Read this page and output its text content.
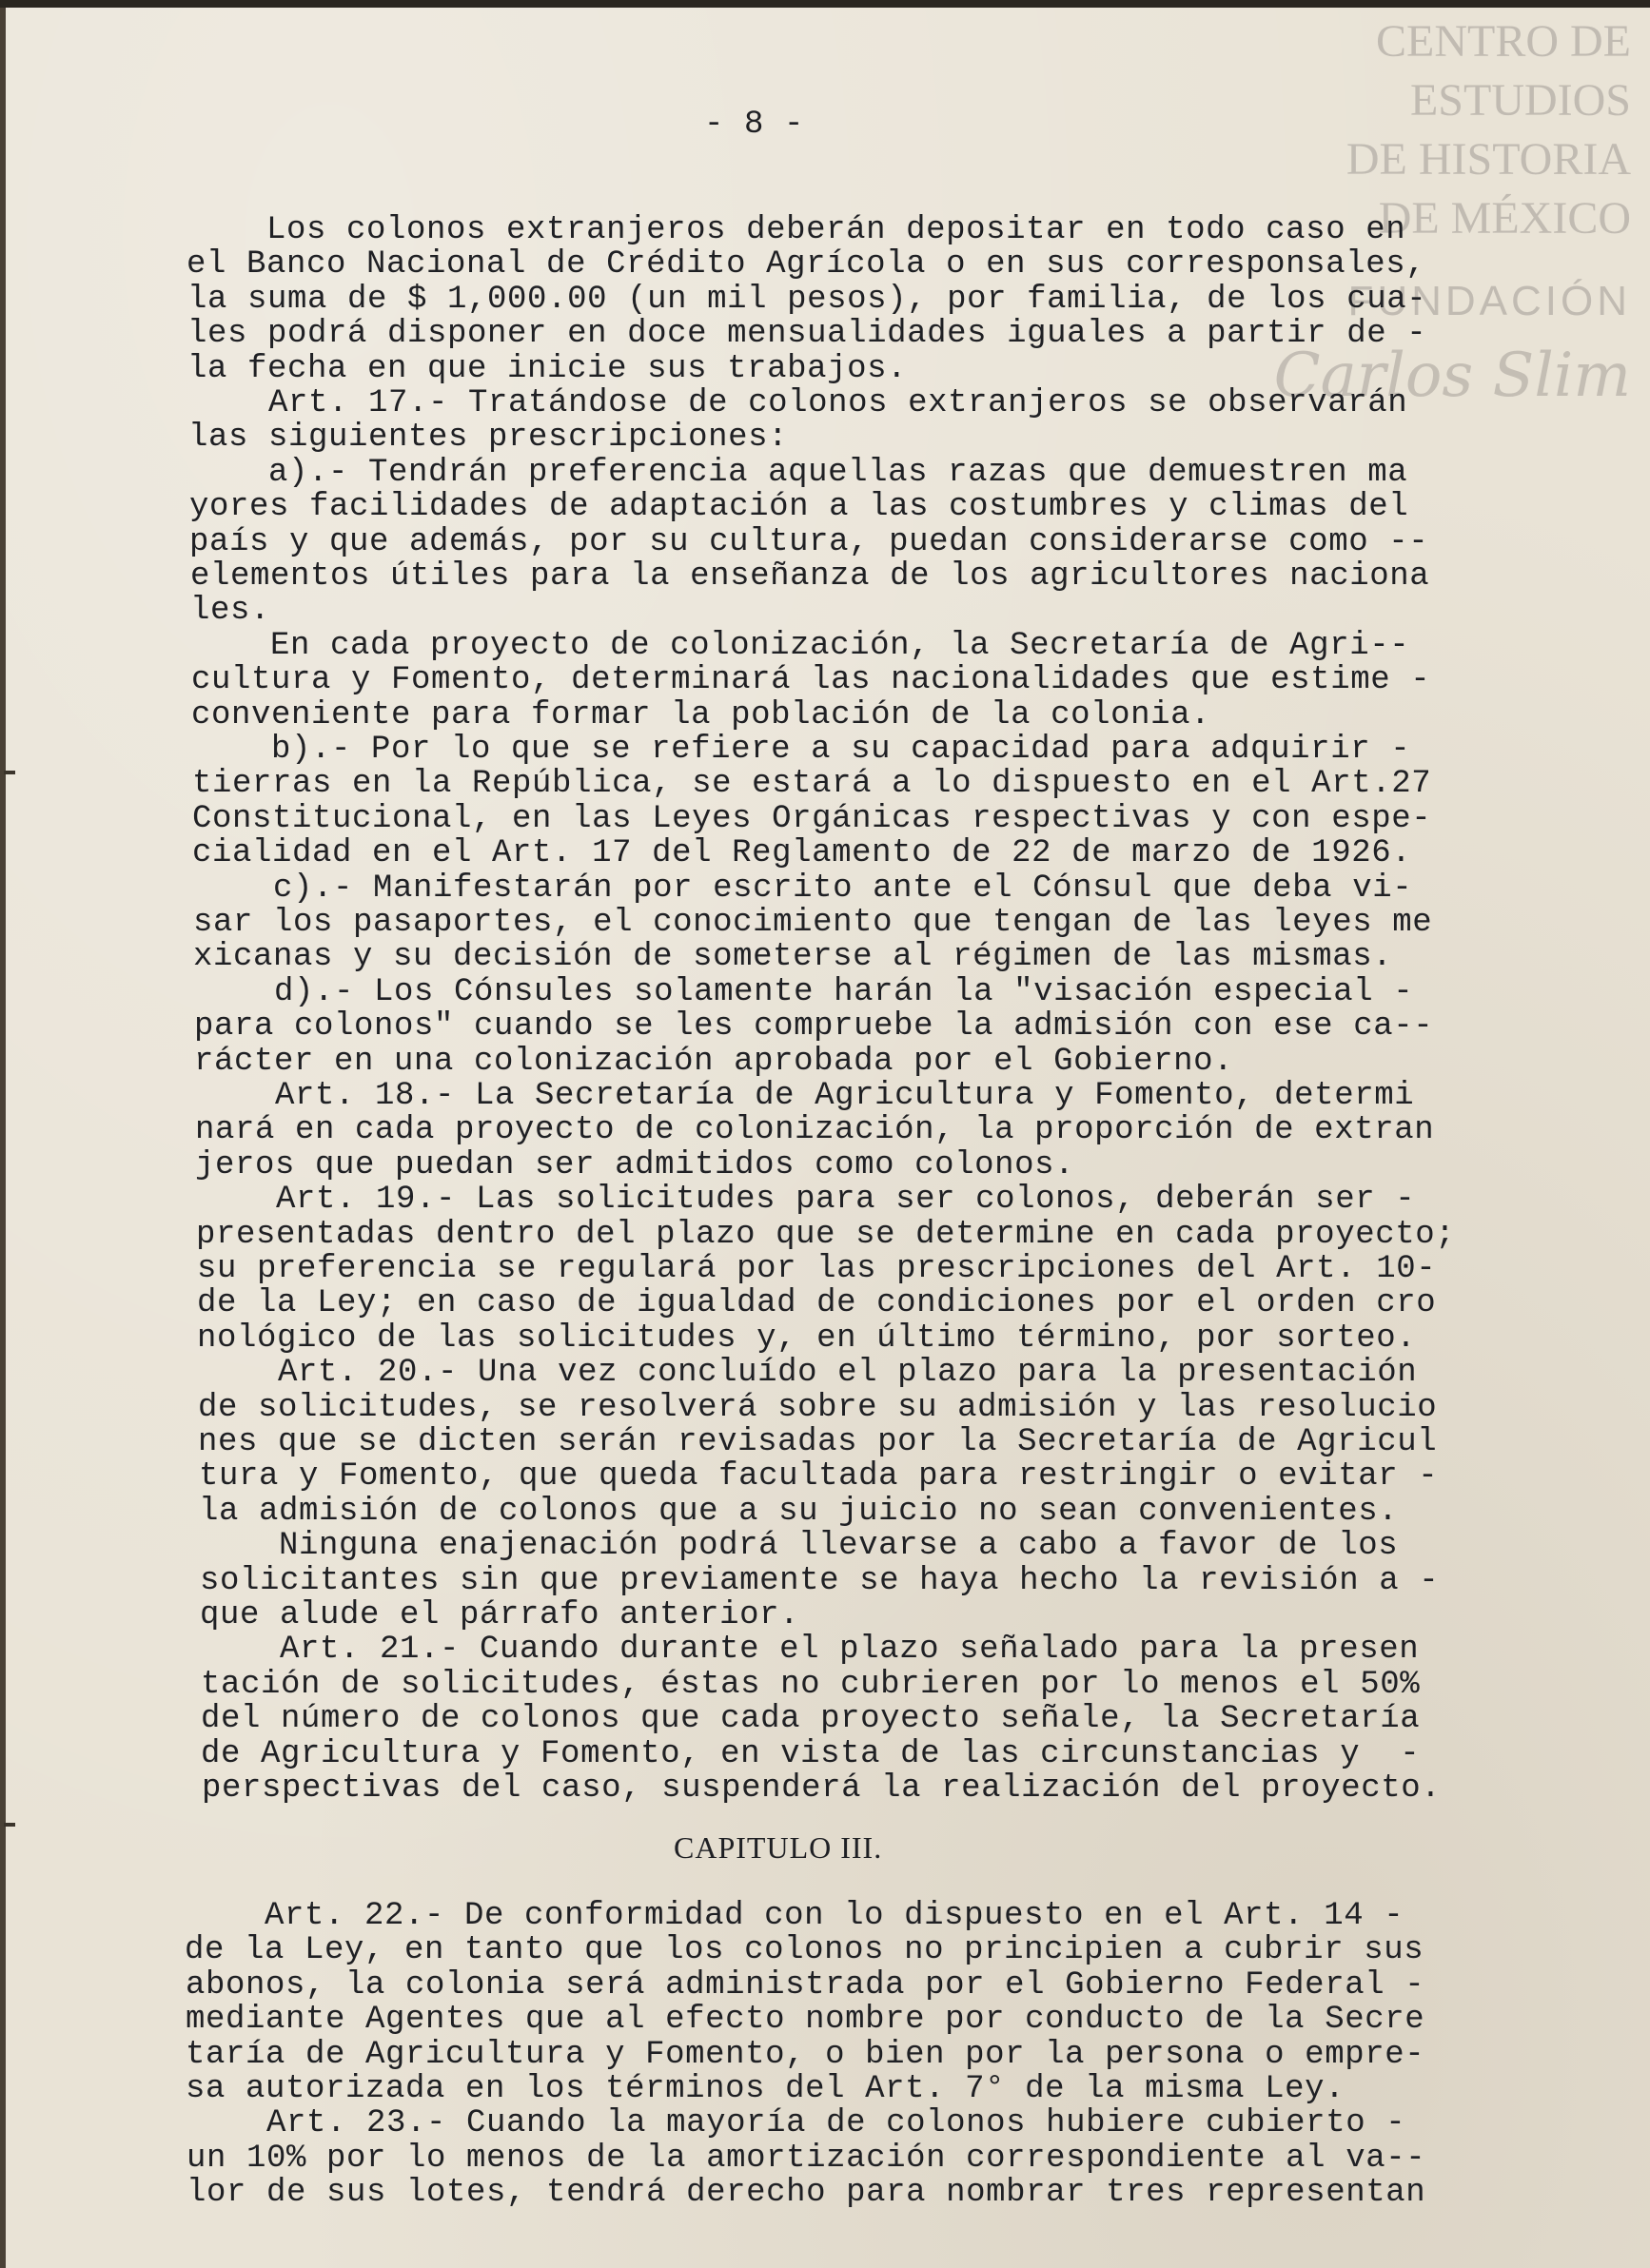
CENTRO DE
ESTUDIOS
DE HISTORIA
DE MÉXICO
FUNDACIÓN
Carlos Slim
- 8 -
Los colonos extranjeros deberán depositar en todo caso en
el Banco Nacional de Crédito Agrícola o en sus corresponsales,
la suma de $ 1,000.00 (un mil pesos), por familia, de los cua-
les podrá disponer en doce mensualidades iguales a partir de -
la fecha en que inicie sus trabajos.
Art. 17.- Tratándose de colonos extranjeros se observarán
las siguientes prescripciones:
a).- Tendrán preferencia aquellas razas que demuestren ma
yores facilidades de adaptación a las costumbres y climas del
país y que además, por su cultura, puedan considerarse como --
elementos útiles para la enseñanza de los agricultores naciona
les.
En cada proyecto de colonización, la Secretaría de Agri--
cultura y Fomento, determinará las nacionalidades que estime -
conveniente para formar la población de la colonia.
b).- Por lo que se refiere a su capacidad para adquirir -
tierras en la República, se estará a lo dispuesto en el Art.27
Constitucional, en las Leyes Orgánicas respectivas y con espe-
cialidad en el Art. 17 del Reglamento de 22 de marzo de 1926.
c).- Manifestarán por escrito ante el Cónsul que deba vi-
sar los pasaportes, el conocimiento que tengan de las leyes me
xicanas y su decisión de someterse al régimen de las mismas.
d).- Los Cónsules solamente harán la "visación especial -
para colonos" cuando se les compruebe la admisión con ese ca--
rácter en una colonización aprobada por el Gobierno.
Art. 18.- La Secretaría de Agricultura y Fomento, determi
nará en cada proyecto de colonización, la proporción de extran
jeros que puedan ser admitidos como colonos.
Art. 19.- Las solicitudes para ser colonos, deberán ser -
presentadas dentro del plazo que se determine en cada proyecto;
su preferencia se regulará por las prescripciones del Art. 10-
de la Ley; en caso de igualdad de condiciones por el orden cro
nológico de las solicitudes y, en último término, por sorteo.
Art. 20.- Una vez concluído el plazo para la presentación
de solicitudes, se resolverá sobre su admisión y las resolucio
nes que se dicten serán revisadas por la Secretaría de Agricul
tura y Fomento, que queda facultada para restringir o evitar -
la admisión de colonos que a su juicio no sean convenientes.
Ninguna enajenación podrá llevarse a cabo a favor de los
solicitantes sin que previamente se haya hecho la revisión a -
que alude el párrafo anterior.
Art. 21.- Cuando durante el plazo señalado para la presen
tación de solicitudes, éstas no cubrieren por lo menos el 50%
del número de colonos que cada proyecto señale, la Secretaría
de Agricultura y Fomento, en vista de las circunstancias y  -
perspectivas del caso, suspenderá la realización del proyecto.
CAPITULO III.
Art. 22.- De conformidad con lo dispuesto en el Art. 14 -
de la Ley, en tanto que los colonos no principien a cubrir sus
abonos, la colonia será administrada por el Gobierno Federal -
mediante Agentes que al efecto nombre por conducto de la Secre
taría de Agricultura y Fomento, o bien por la persona o empre-
sa autorizada en los términos del Art. 7° de la misma Ley.
Art. 23.- Cuando la mayoría de colonos hubiere cubierto -
un 10% por lo menos de la amortización correspondiente al va--
lor de sus lotes, tendrá derecho para nombrar tres representan
